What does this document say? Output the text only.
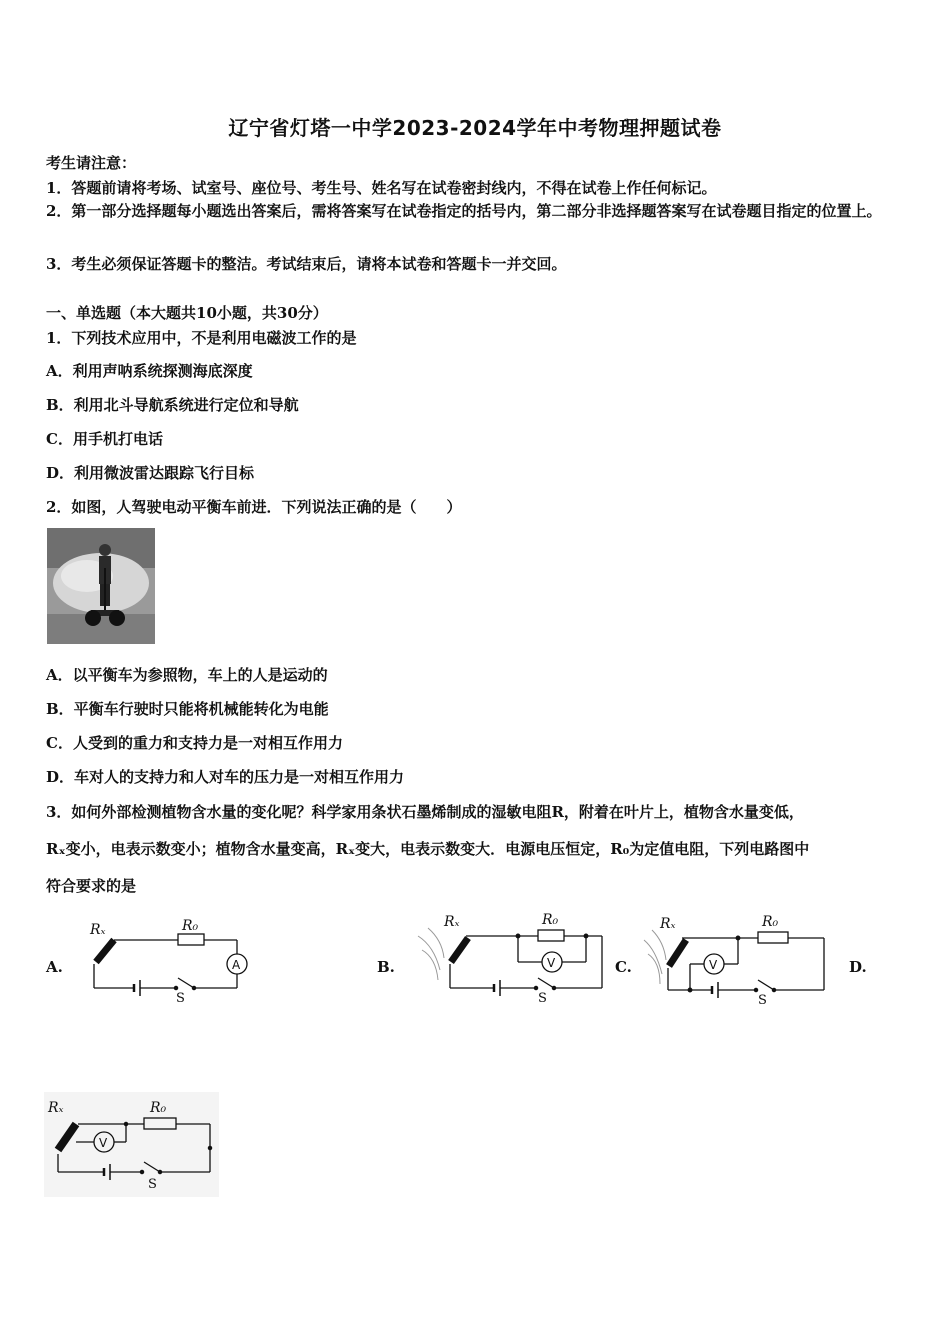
辽宁省灯塔一中学2023-2024学年中考物理押题试卷
考生请注意：
1．答题前请将考场、试室号、座位号、考生号、姓名写在试卷密封线内，不得在试卷上作任何标记。
2．第一部分选择题每小题选出答案后，需将答案写在试卷指定的括号内，第二部分非选择题答案写在试卷题目指定的位置上。
3．考生必须保证答题卡的整洁。考试结束后，请将本试卷和答题卡一并交回。
一、单选题（本大题共10小题，共30分）
1．下列技术应用中，不是利用电磁波工作的是
A．利用声呐系统探测海底深度
B．利用北斗导航系统进行定位和导航
C．用手机打电话
D．利用微波雷达跟踪飞行目标
2．如图，人驾驶电动平衡车前进．下列说法正确的是（　　）
A．以平衡车为参照物，车上的人是运动的
B．平衡车行驶时只能将机械能转化为电能
C．人受到的重力和支持力是一对相互作用力
D．车对人的支持力和人对车的压力是一对相互作用力
3．如何外部检测植物含水量的变化呢？科学家用条状石墨烯制成的湿敏电阻R，附着在叶片上，植物含水量变低，
Rₓ变小，电表示数变小；植物含水量变高，Rₓ变大，电表示数变大．电源电压恒定，R₀为定值电阻，下列电路图中
符合要求的是
A.	B.	C.	D.
Rₓ	R₀
A
S
Rₓ	R₀
V
S
Rₓ	R₀
V
S
Rₓ	R₀
V
S
